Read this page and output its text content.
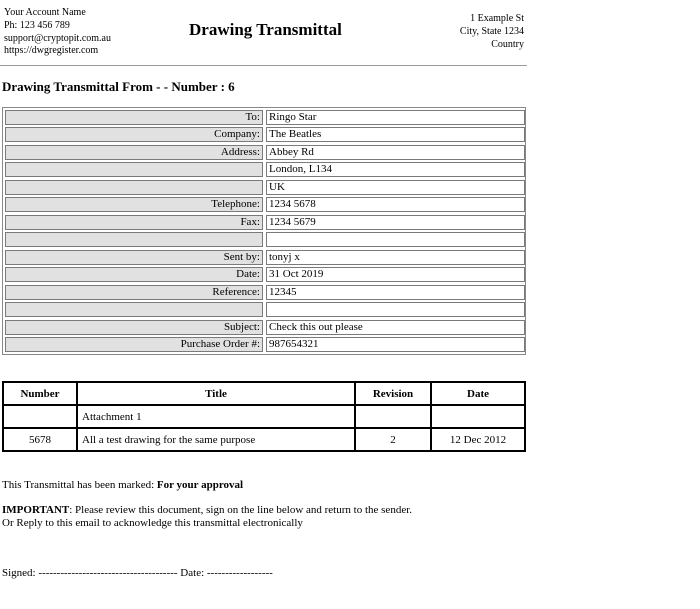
Your Account Name
Ph: 123 456 789
support@cryptopit.com.au
https://dwgregister.com
Drawing Transmittal
1 Example St
City, State 1234
Country
Drawing Transmittal From - - Number : 6
To: Ringo Star
Company: The Beatles
Address: Abbey Rd
London, L134
UK
Telephone: 1234 5678
Fax: 1234 5679
Sent by: tonyj x
Date: 31 Oct 2019
Reference: 12345
Subject: Check this out please
Purchase Order #: 987654321
Number	Title	Revision	Date
	Attachment 1		
5678	All a test drawing for the same purpose	2	12 Dec 2012
This Transmittal has been marked: For your approval
IMPORTANT: Please review this document, sign on the line below and return to the sender.
Or Reply to this email to acknowledge this transmittal electronically
Signed: -------------------------------------- Date: ------------------
